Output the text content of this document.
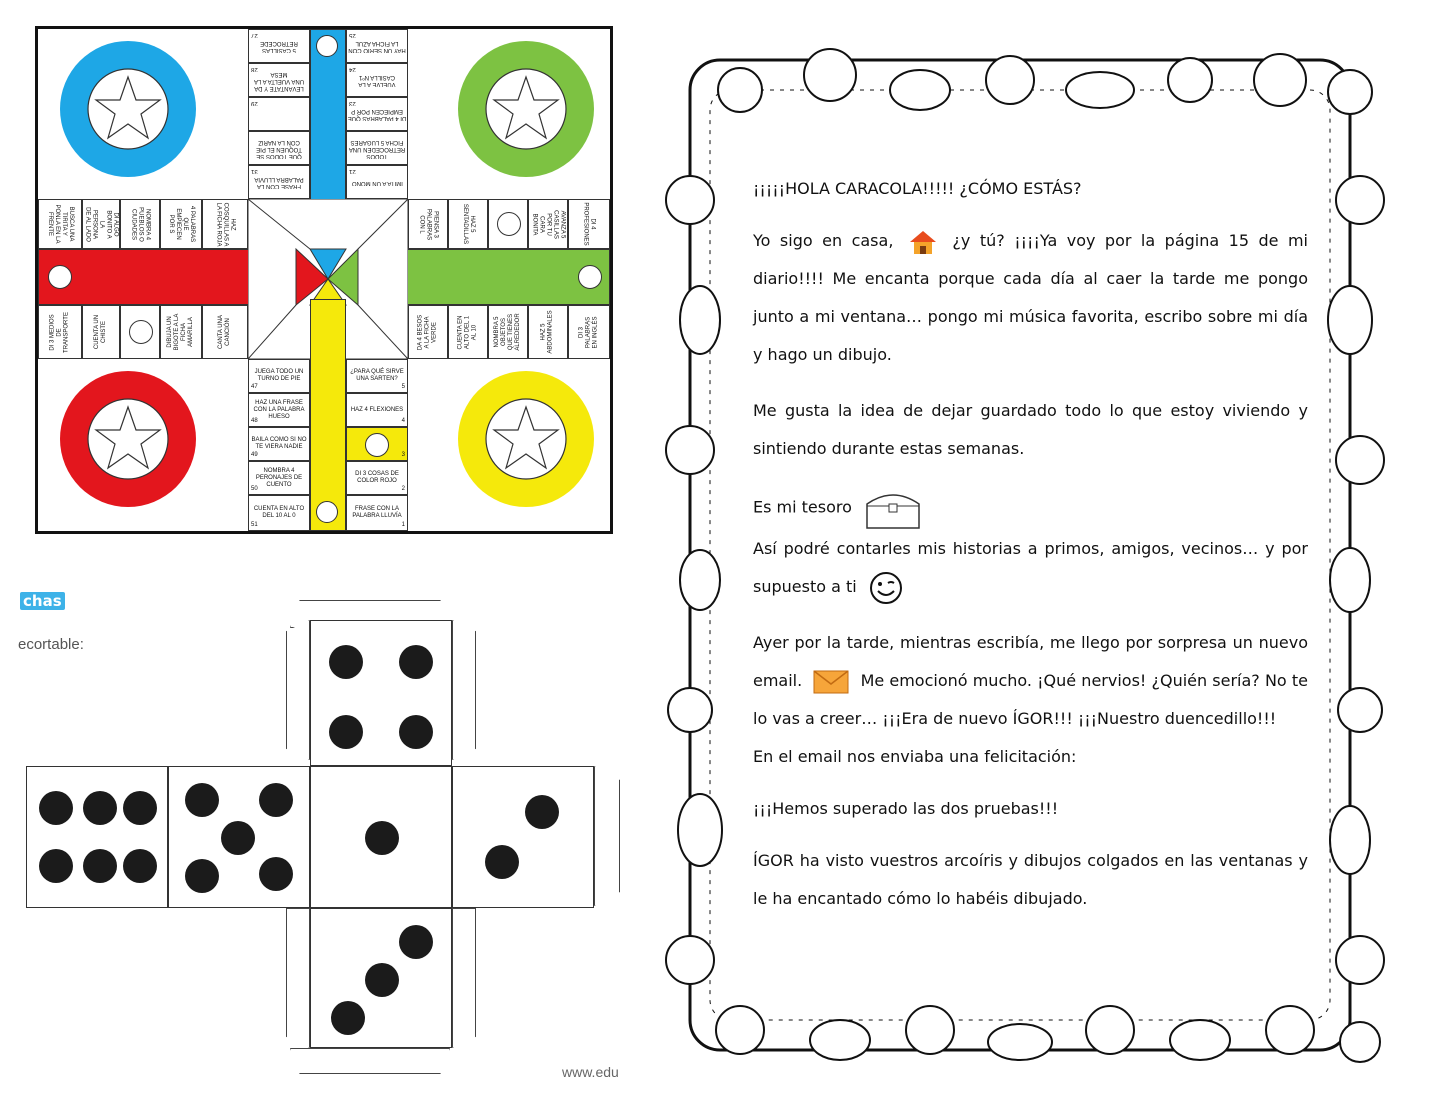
5 CASILLAS RETROCEDE
27
LEVÁNTATE Y DA UNA VUELTA A LA MESA
28
29
QUE TODOS SE TOQUEN EL PIE CON LA NARIZ
FRASE CON LA PALABRA LLUVIA
31
HAY UN SERIO CON LA FICHA AZUL
25
VUELVE A LA CASILLA Nº1
24
DI 4 PALABRAS QUE EMPIECEN POR P
23
TODOS RETROCEDEN UNA FICHA 5 LUGARES
IMITA A UN MONO
21
BUSCA UNA TIRITA Y PONLA EN LA FRENTE	DI ALGO BONITO A LA PERSONA DE AL LADO	NOMBRA 4 PUEBLOS O CIUDADES	4 PALABRAS QUE EMPIECEN POR S	HAZ COSQUILLAS A LA FICHA ROJA
DI 3 MEDIOS DE TRANSPORTE	CUENTA UN CHISTE	DIBUJA UN BIGOTE A LA FICHA AMARILLA	CANTA UNA CANCIÓN
PIENSA 3 PALABRAS CON L	HAZ 5 SENTADILLAS	AVANZA 5 CASILLAS POR TU CARA BONITA	DI 4 PROFESIONES
DA 4 BESOS A LA FICHA VERDE	CUENTA EN ALTO DEL 1 AL 10	NOMBRA 5 OBJETOS QUE TIENES ALREDEDOR	HAZ 5 ABDOMINALES	DI 3 PALABRAS EN INGLÉS
JUEGA TODO UN TURNO DE PIE
47
HAZ UNA FRASE CON LA PALABRA HUESO
48
BAILA COMO SI NO TE VIERA NADIE
49
NOMBRA 4 PERONAJES DE CUENTO
50
CUENTA EN ALTO DEL 10 AL 0
51
¿PARA QUÉ SIRVE UNA SARTEN?
5
HAZ 4 FLEXIONES
4
3
DI 3 COSAS DE COLOR ROJO
2
FRASE CON LA PALABRA LLUVÍA
1
chas
ecortable:
www.edu

¡¡¡¡¡HOLA CARACOLA!!!!! ¿CÓMO ESTÁS?

Yo sigo en casa,	¿y tú? ¡¡¡¡Ya voy por la página 15 de mi diario!!!! Me encanta porque cada día al caer la tarde me pongo junto a mi ventana… pongo mi música favorita, escribo sobre mi día y hago un dibujo.

Me gusta la idea de dejar guardado todo lo que estoy viviendo y sintiendo durante estas semanas.

Es mi tesoro

Así podré contarles mis historias a primos, amigos, vecinos… y por supuesto a ti

Ayer por la tarde, mientras escribía, me llego por sorpresa un nuevo email.	Me emocionó mucho. ¡Qué nervios! ¿Quién sería? No te lo vas a creer… ¡¡¡Era de nuevo ÍGOR!!! ¡¡¡Nuestro duencedillo!!!

En el email nos enviaba una felicitación:

¡¡¡Hemos superado las dos pruebas!!!

ÍGOR ha visto vuestros arcoíris y dibujos colgados en las ventanas y le ha encantado cómo lo habéis dibujado.
